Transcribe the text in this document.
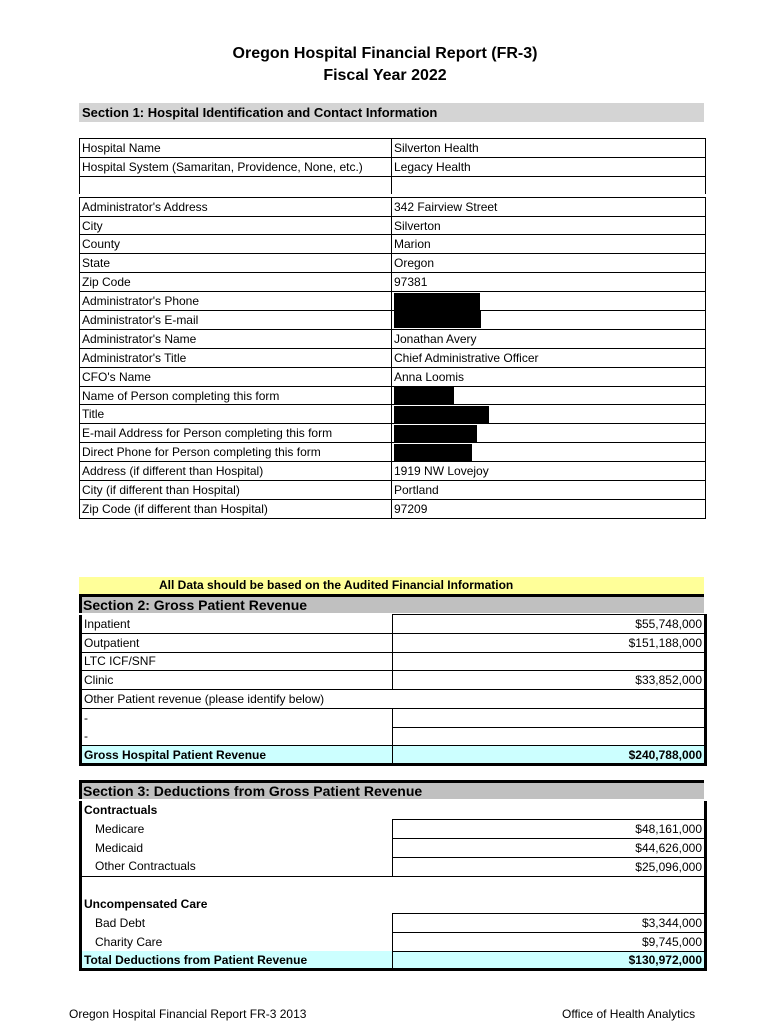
Oregon Hospital Financial Report (FR-3)
Fiscal Year 2022
Section 1: Hospital Identification and Contact Information
Hospital Name	Silverton Health
Hospital System (Samaritan, Providence, None, etc.)	Legacy Health

Administrator's Address	342 Fairview Street
City	Silverton
County	Marion
State	Oregon
Zip Code	97381
Administrator's Phone	
Administrator's E-mail	
Administrator's Name	Jonathan Avery
Administrator's Title	Chief Administrative Officer
CFO's Name	Anna Loomis
Name of Person completing this form	
Title	
E-mail Address for Person completing this form	
Direct Phone for Person completing this form	
Address (if different than Hospital)	1919 NW Lovejoy
City (if different than Hospital)	Portland
Zip Code (if different than Hospital)	97209
All Data should be based on the Audited Financial Information
Section 2: Gross Patient Revenue
Inpatient	$55,748,000
Outpatient	$151,188,000
LTC ICF/SNF	
Clinic	$33,852,000
Other Patient revenue (please identify below)	
-	
-	
Gross Hospital Patient Revenue	$240,788,000
Section 3: Deductions from Gross Patient Revenue
Contractuals	
Medicare	$48,161,000
Medicaid	$44,626,000
Other Contractuals	$25,096,000

Uncompensated Care	
Bad Debt	$3,344,000
Charity Care	$9,745,000
Total Deductions from Patient Revenue	$130,972,000
Oregon Hospital Financial Report FR-3 2013	Office of Health Analytics
